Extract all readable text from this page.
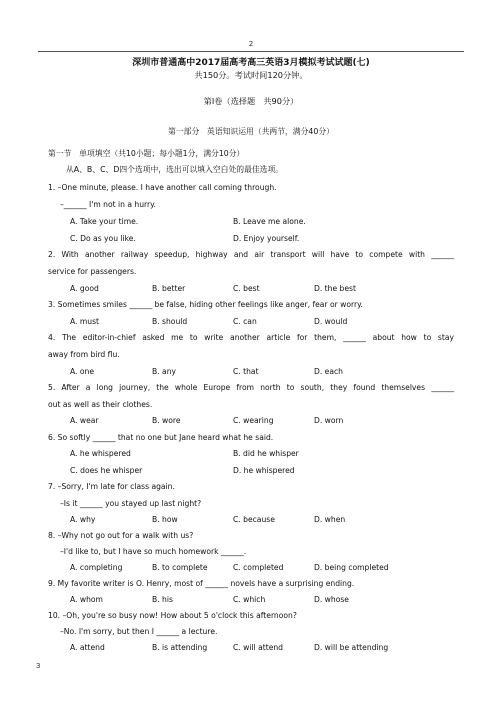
2
深圳市普通高中2017届高考高三英语3月模拟考试试题(七)
共150分。考试时间120分钟。
第Ⅰ卷（选择题　共90分）
第一部分　英语知识运用（共两节，满分40分）
第一节　单项填空（共10小题；每小题1分，满分10分）
从A、B、C、D四个选项中，选出可以填入空白处的最佳选项。
1. –One minute, please. I have another call coming through.
–______ I'm not in a hurry.
A. Take your time.	B. Leave me alone.
C. Do as you like.	D. Enjoy yourself.
2. With another railway speedup, highway and air transport will have to compete with ______
service for passengers.
A. good	B. better	C. best	D. the best
3. Sometimes smiles ______ be false, hiding other feelings like anger, fear or worry.
A. must	B. should	C. can	D. would
4. The editor-in-chief asked me to write another article for them, ______ about how to stay
away from bird flu.
A. one	B. any	C. that	D. each
5. After a long journey, the whole Europe from north to south, they found themselves ______
out as well as their clothes.
A. wear	B. wore	C. wearing	D. worn
6. So softly ______ that no one but Jane heard what he said.
A. he whispered	B. did he whisper
C. does he whisper	D. he whispered
7. –Sorry, I'm late for class again.
–Is it ______ you stayed up last night?
A. why	B. how	C. because	D. when
8. –Why not go out for a walk with us?
–I'd like to, but I have so much homework ______.
A. completing	B. to complete	C. completed	D. being completed
9. My favorite writer is O. Henry, most of ______ novels have a surprising ending.
A. whom	B. his	C. which	D. whose
10. –Oh, you're so busy now! How about 5 o'clock this afternoon?
–No. I'm sorry, but then I ______ a lecture.
A. attend	B. is attending	C. will attend	D. will be attending
3
